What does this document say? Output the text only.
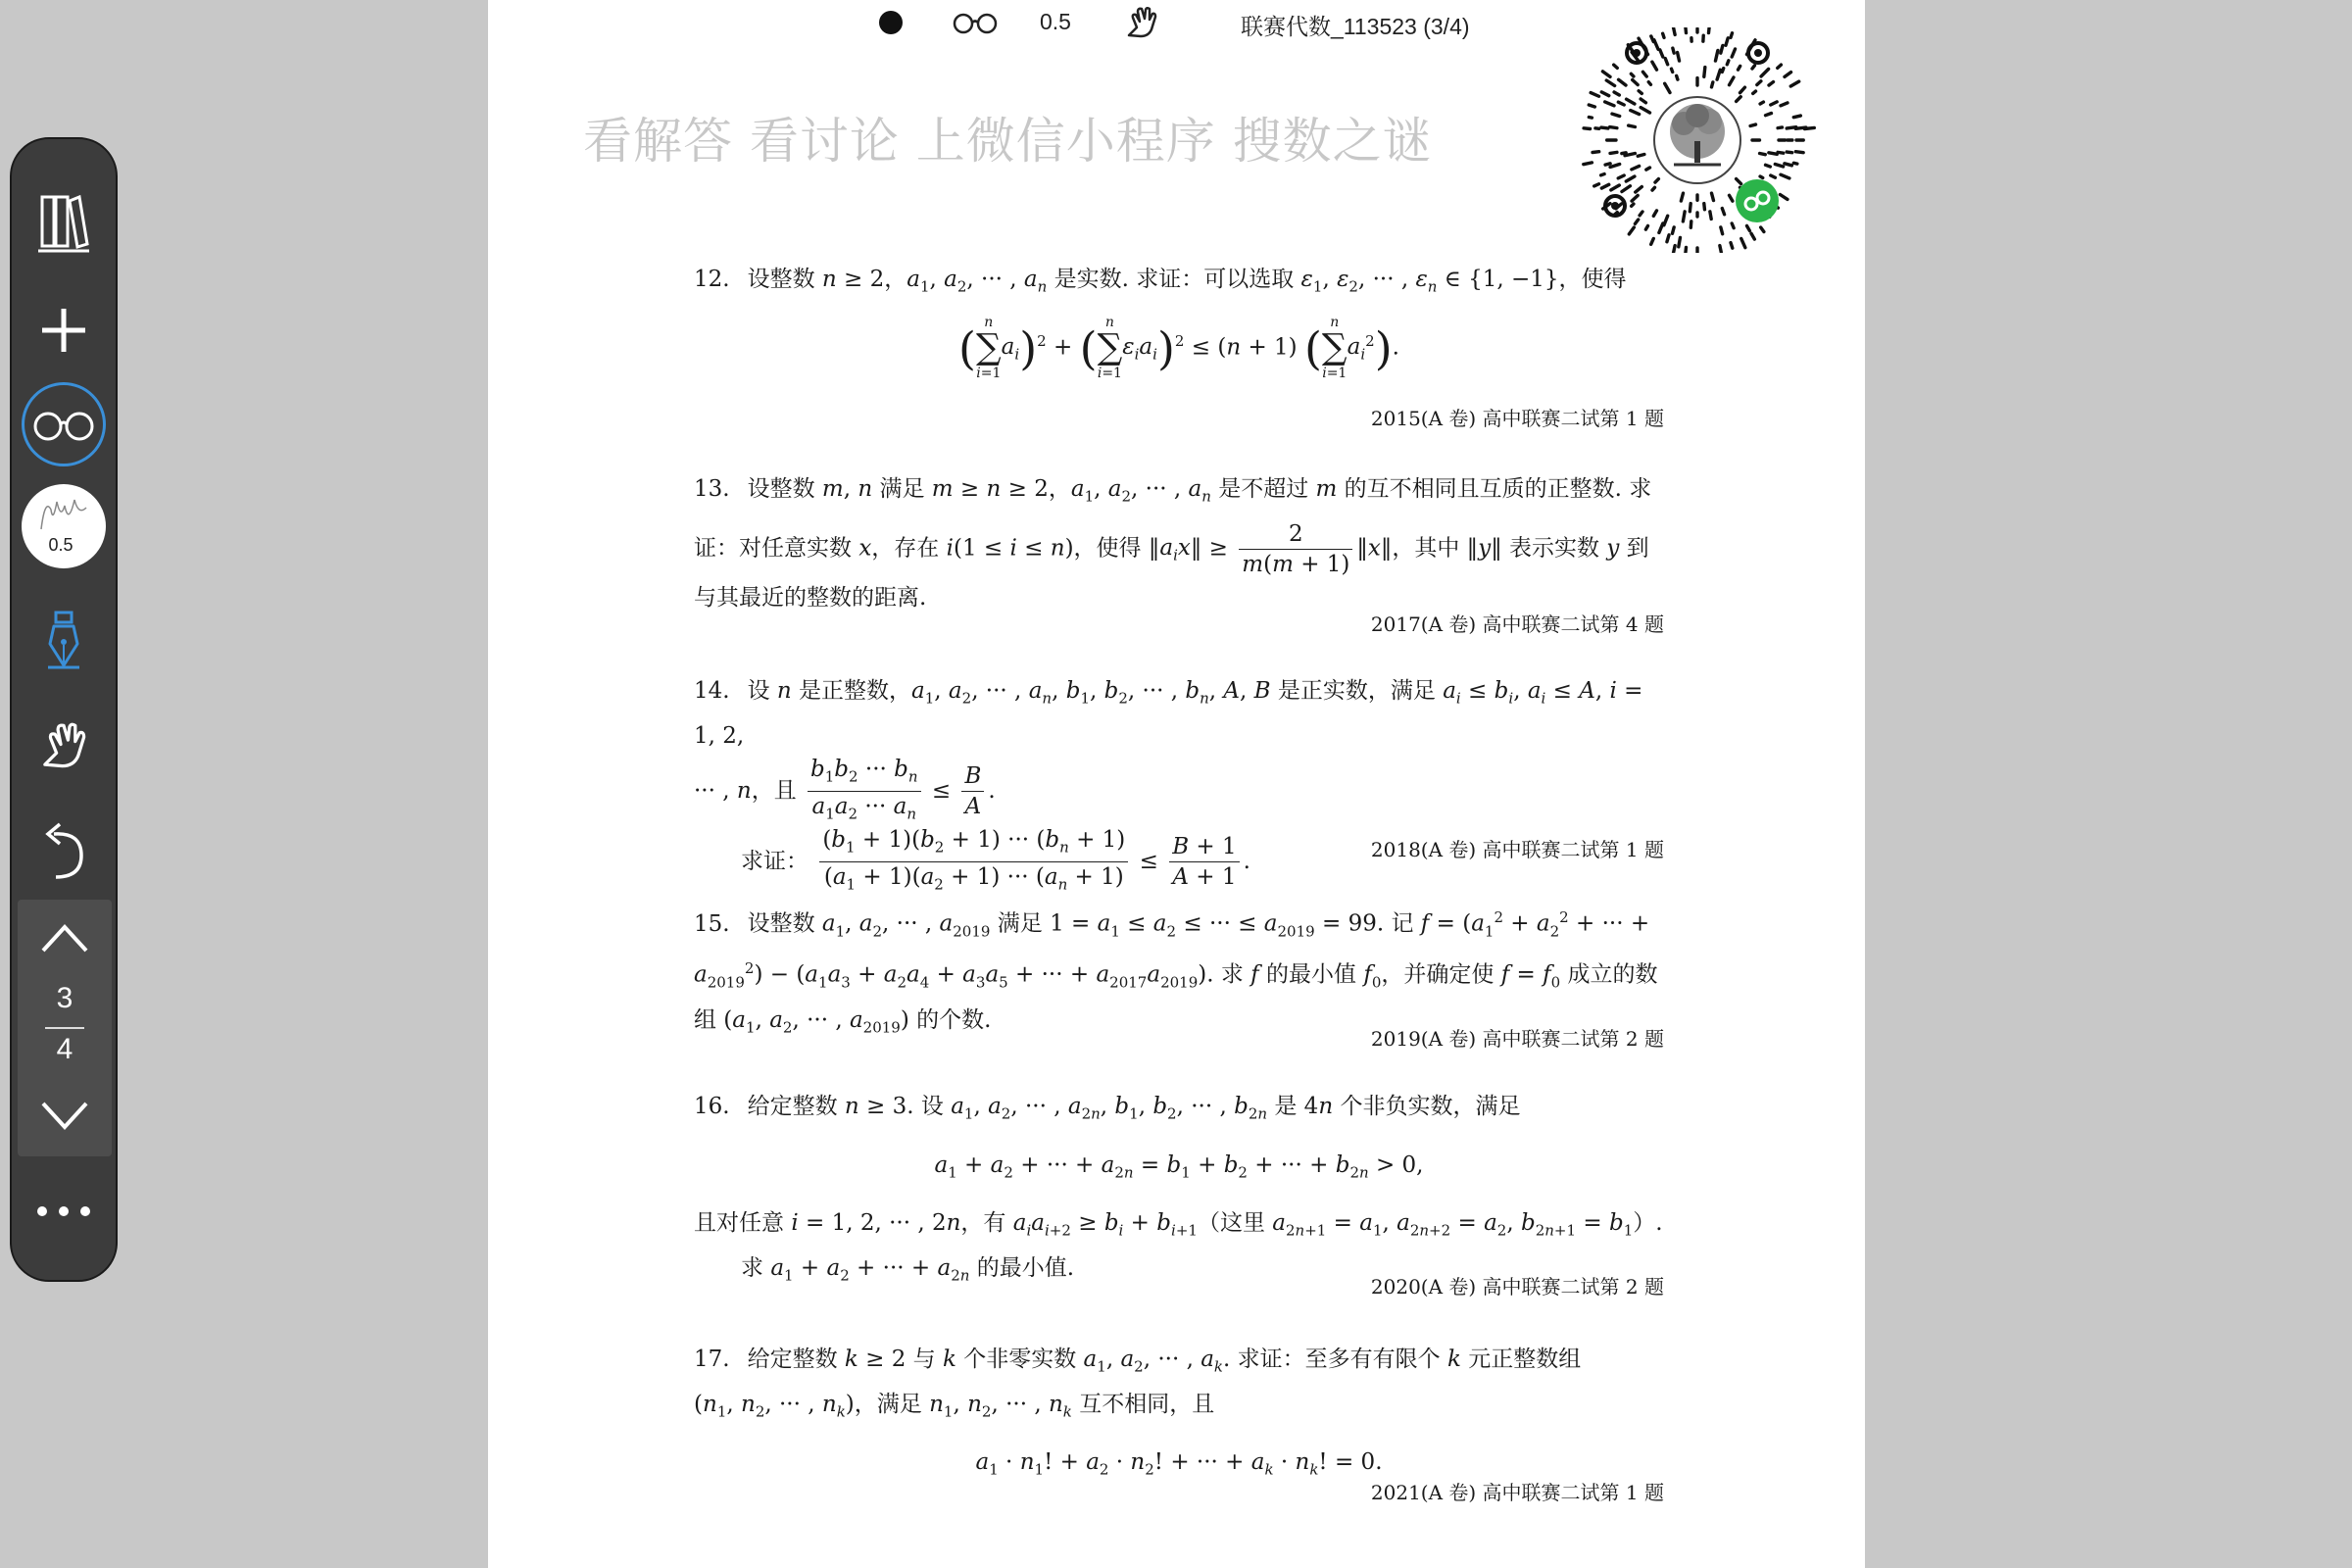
0.5	联赛代数_113523 (3/4)
看解答 看讨论 上微信小程序 搜数之谜

12. 设整数 n ≥ 2，$a_1$, $a_2$, ··· , $a_n$ 是实数. 求证：可以选取 $\varepsilon_1$, $\varepsilon_2$, ··· , $\varepsilon_n$ ∈ {1, −1}，使得

( n
∑
i=1
$a_i)^2$ + ( n
∑
i=1
$\varepsilon_ia_i)^2 \le (n + 1)$ ( n
∑
i=1
$a_i^2$).

2015(A 卷) 高中联赛二试第 1 题

13. 设整数 m, n 满足 m ≥ n ≥ 2，$a_1$, $a_2$, ··· , $a_n$ 是不超过 m 的互不相同且互质的正整数. 求

证：对任意实数 x，存在 i(1 ≤ i ≤ n)，使得 $‖a_ix‖ \ge \frac{2}{m(m + 1)}$ ‖x‖，其中 ‖y‖ 表示实数 y 到

与其最近的整数的距离.

2017(A 卷) 高中联赛二试第 4 题

14. 设 n 是正整数，$a_1$, $a_2$, ··· , $a_n$, $b_1$, $b_2$, ··· , $b_n$, A, B 是正实数，满足 $a_i \le b_i$, $a_i \le A$, i = 1, 2,

··· , n，且 $\frac{b_1b_2 \cdot\cdot\cdot b_n}{a_1a_2 \cdot\cdot\cdot a_n} \le \frac{B}{A}$ .

求证： $\frac{(b_1 + 1)(b_2 + 1) \cdot\cdot\cdot (b_n + 1)}{(a_1 + 1)(a_2 + 1) \cdot\cdot\cdot (a_n + 1)} \le \frac{B + 1}{A + 1}$ .	2018(A 卷) 高中联赛二试第 1 题

15. 设整数 $a_1$, $a_2$, ··· , $a_{2019}$ 满足 $1 = a_1 \le a_2$ ≤ ··· ≤ $a_{2019} = 99$. 记 $f = (a_1^2 + a_2^2$ + ··· +

$a_{2019}^2) - (a_1a_3 + a_2a_4 + a_3a_5$ + ··· + $a_{2017}a_{2019}$). 求 f 的最小值 $f_0$，并确定使 $f = f_0$ 成立的数

组 ($a_1$, $a_2$, ··· , $a_{2019}$) 的个数.

2019(A 卷) 高中联赛二试第 2 题

16. 给定整数 n ≥ 3. 设 $a_1$, $a_2$, ··· , $a_{2n}$, $b_1$, $b_2$, ··· , $b_{2n}$ 是 4n 个非负实数，满足

$a_1 + a_2$ + ··· + $a_{2n} = b_1 + b_2$ + ··· + $b_{2n} > 0$,

且对任意 i = 1, 2, ··· , 2n，有 $a_ia_{i+2} \ge b_i + b_{i+1}$（这里 $a_{2n+1} = a_1$, $a_{2n+2} = a_2$, $b_{2n+1} = b_1$）.

求 $a_1 + a_2$ + ··· + $a_{2n}$ 的最小值.

2020(A 卷) 高中联赛二试第 2 题

17. 给定整数 k ≥ 2 与 k 个非零实数 $a_1$, $a_2$, ··· , $a_k$. 求证：至多有有限个 k 元正整数组

($n_1$, $n_2$, ··· , $n_k$)，满足 $n_1$, $n_2$, ··· , $n_k$ 互不相同，且

$a_1 \cdot n_1$! + $a_2 \cdot n_2$! + ··· + $a_k \cdot n_k$! = 0.

2021(A 卷) 高中联赛二试第 1 题
0.5
3
4
